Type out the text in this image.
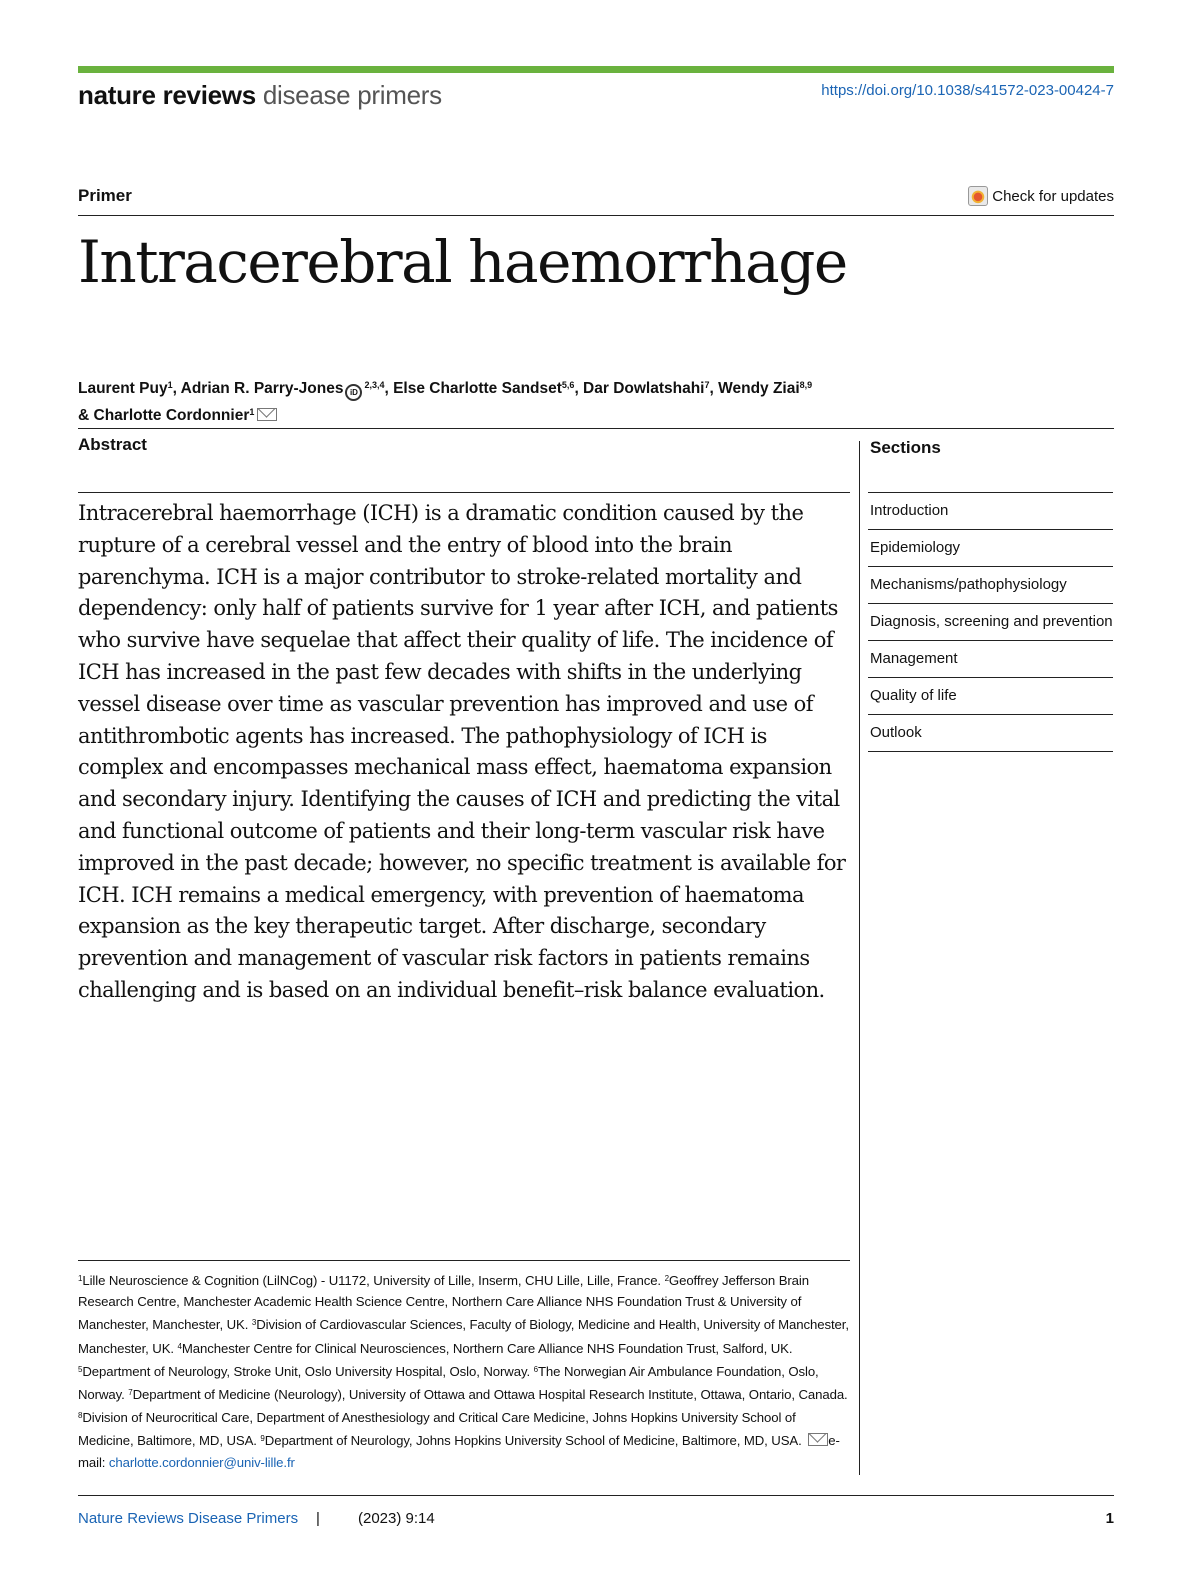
nature reviews disease primers	https://doi.org/10.1038/s41572-023-00424-7
Primer	Check for updates
Intracerebral haemorrhage
Laurent Puy$^1$, Adrian R. Parry-Jones iD$^{2,3,4}$, Else Charlotte Sandset$^{5,6}$, Dar Dowlatshahi$^7$, Wendy Ziai$^{8,9}$
& Charlotte Cordonnier$^1$
Abstract

Intracerebral haemorrhage (ICH) is a dramatic condition caused by the rupture of a cerebral vessel and the entry of blood into the brain parenchyma. ICH is a major contributor to stroke-related mortality and dependency: only half of patients survive for 1 year after ICH, and patients who survive have sequelae that affect their quality of life. The incidence of ICH has increased in the past few decades with shifts in the underlying vessel disease over time as vascular prevention has improved and use of antithrombotic agents has increased. The pathophysiology of ICH is complex and encompasses mechanical mass effect, haematoma expansion and secondary injury. Identifying the causes of ICH and predicting the vital and functional outcome of patients and their long-term vascular risk have improved in the past decade; however, no specific treatment is available for ICH. ICH remains a medical emergency, with prevention of haematoma expansion as the key therapeutic target. After discharge, secondary prevention and management of vascular risk factors in patients remains challenging and is based on an individual benefit–risk balance evaluation.

Sections
Introduction
Epidemiology
Mechanisms/pathophysiology
Diagnosis, screening and prevention
Management
Quality of life
Outlook

$^1$Lille Neuroscience & Cognition (LilNCog) - U1172, University of Lille, Inserm, CHU Lille, Lille, France. $^2$Geoffrey Jefferson Brain Research Centre, Manchester Academic Health Science Centre, Northern Care Alliance NHS Foundation Trust & University of Manchester, Manchester, UK. $^3$Division of Cardiovascular Sciences, Faculty of Biology, Medicine and Health, University of Manchester, Manchester, UK. $^4$Manchester Centre for Clinical Neurosciences, Northern Care Alliance NHS Foundation Trust, Salford, UK. $^5$Department of Neurology, Stroke Unit, Oslo University Hospital, Oslo, Norway. $^6$The Norwegian Air Ambulance Foundation, Oslo, Norway. $^7$Department of Medicine (Neurology), University of Ottawa and Ottawa Hospital Research Institute, Ottawa, Ontario, Canada. $^8$Division of Neurocritical Care, Department of Anesthesiology and Critical Care Medicine, Johns Hopkins University School of Medicine, Baltimore, MD, USA. $^9$Department of Neurology, Johns Hopkins University School of Medicine, Baltimore, MD, USA. e-mail: charlotte.cordonnier@univ-lille.fr

Nature Reviews Disease Primers |	(2023) 9:14	1
